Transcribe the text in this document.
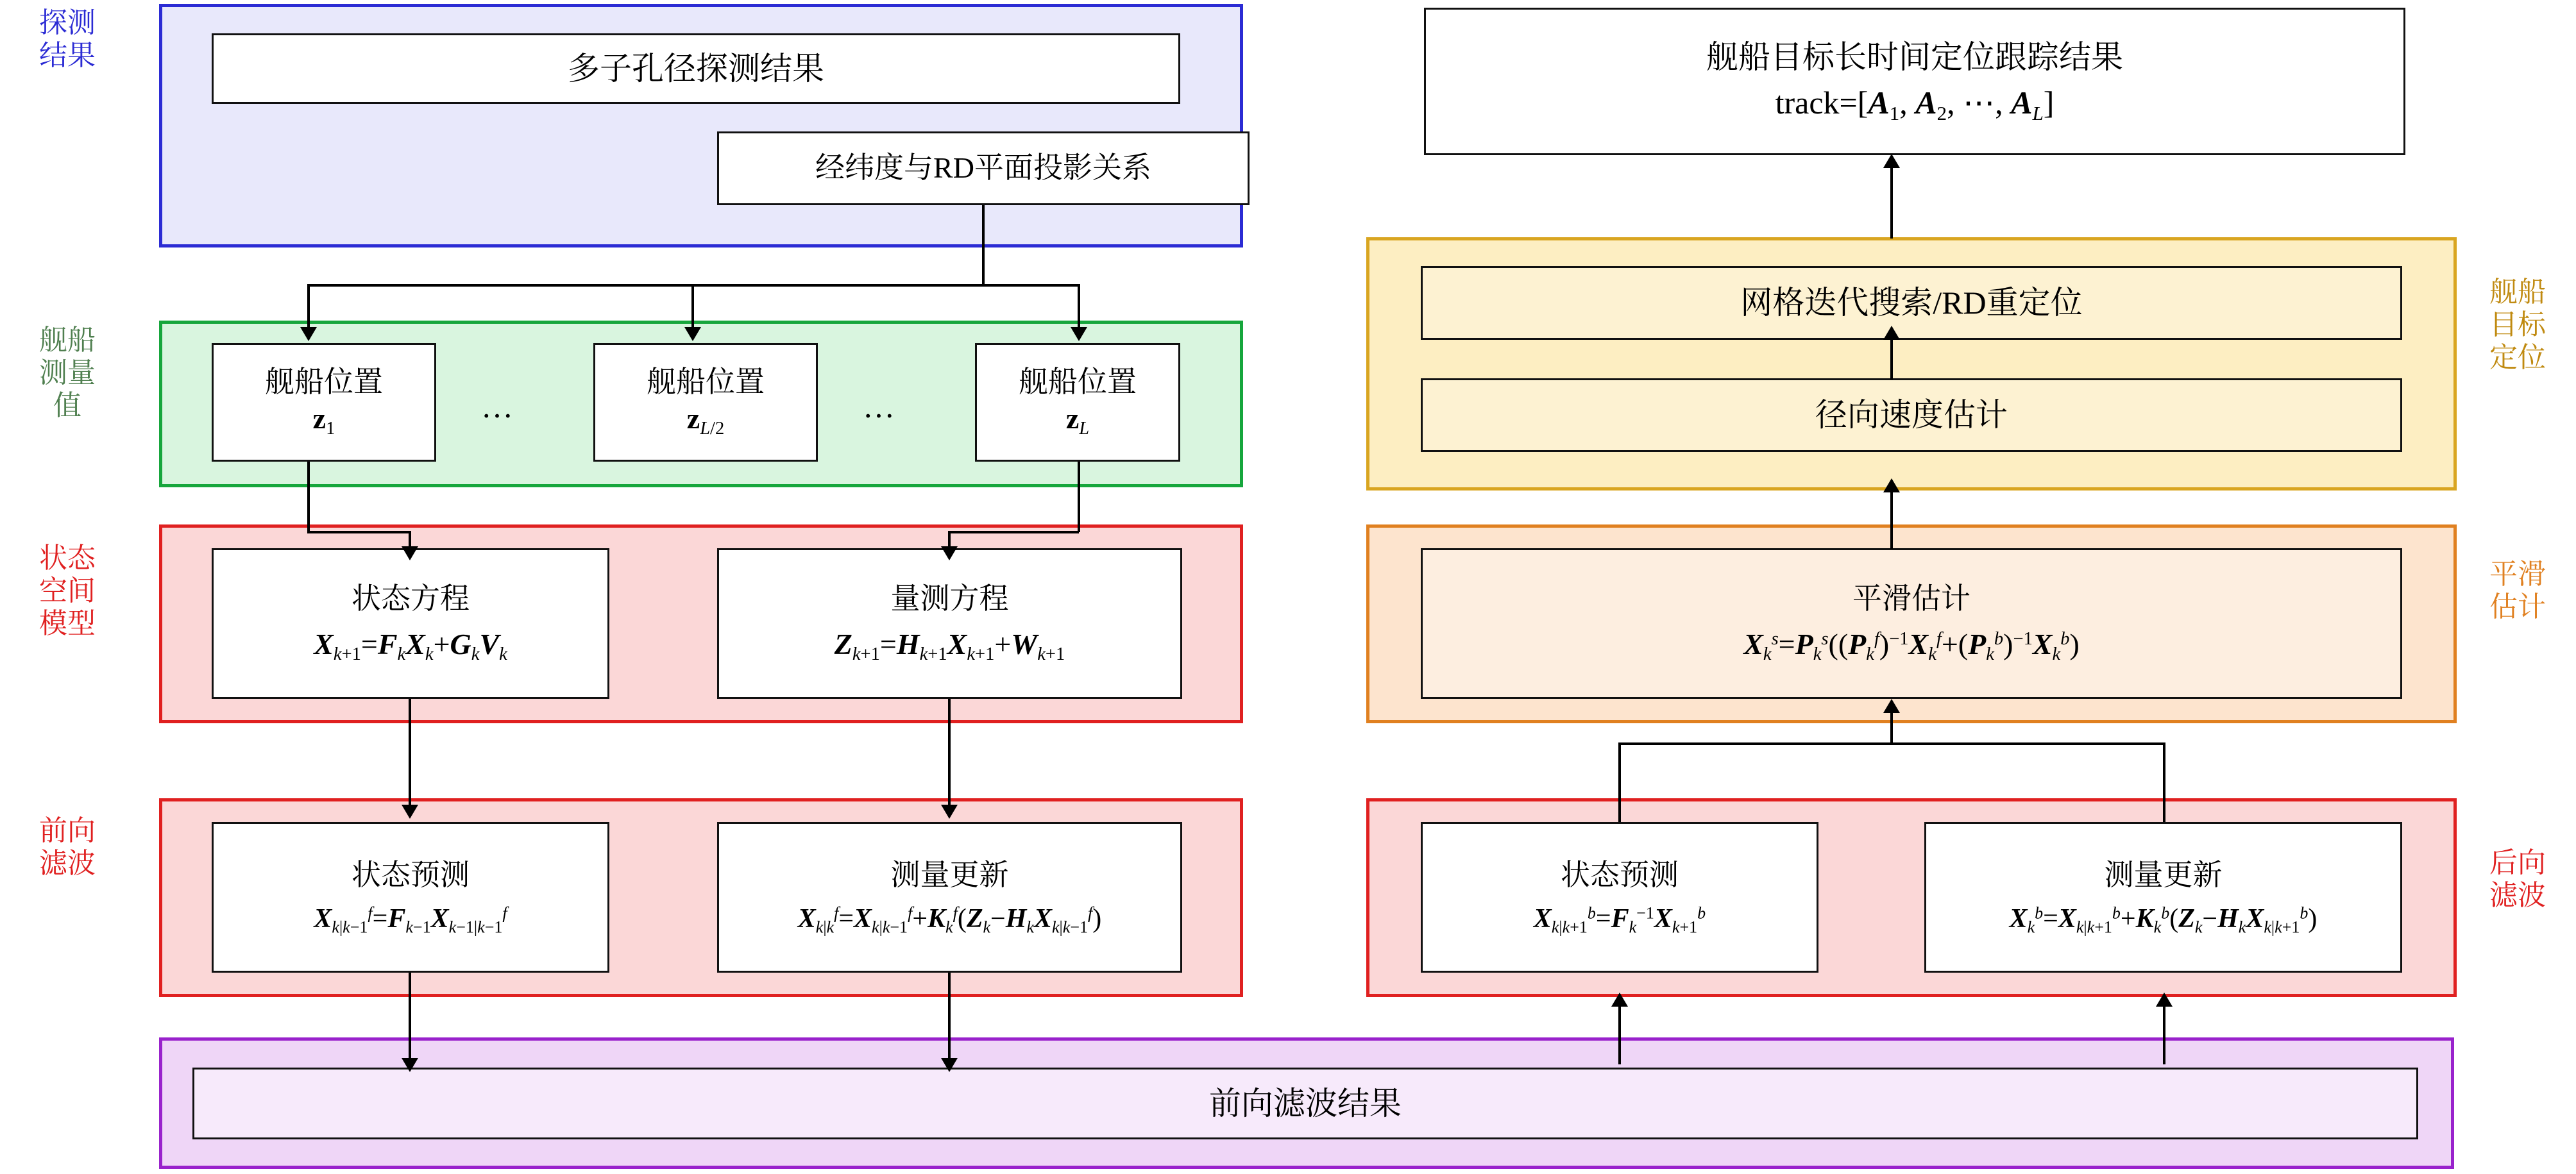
探测
结果
舰船
测量
值
状态
空间
模型
前向
滤波
舰船
目标
定位
平滑
估计
后向
滤波
多子孔径探测结果
经纬度与RD平面投影关系
舰船位置
$z_1$
…
舰船位置
$z_{L/2}$
…
舰船位置
$z_L$
状态方程
$X_{k+1}=F_kX_k+G_kV_k$
量测方程
$Z_{k+1}=H_{k+1}X_{k+1}+W_{k+1}$
状态预测
$X_{k|k-1}^f=F_{k-1}X_{k-1|k-1}^f$
测量更新
$X_{k|k}^f=X_{k|k-1}^f+K_k^f(Z_k-H_kX_{k|k-1}^f)$
前向滤波结果
舰船目标长时间定位跟踪结果
$track=[A_1$, $A_2$, ⋯, $A_L$]
网格迭代搜索/RD重定位
径向速度估计
平滑估计
$X_k^s=P_k^s((P_k^f)^{-1}X_k^f+(P_k^b)^{-1}X_k^b)$
状态预测
$X_{k|k+1}^b=F_k^{-1}X_{k+1}^b$
测量更新
$X_k^b=X_{k|k+1}^b+K_k^b(Z_k-H_kX_{k|k+1}^b)$
